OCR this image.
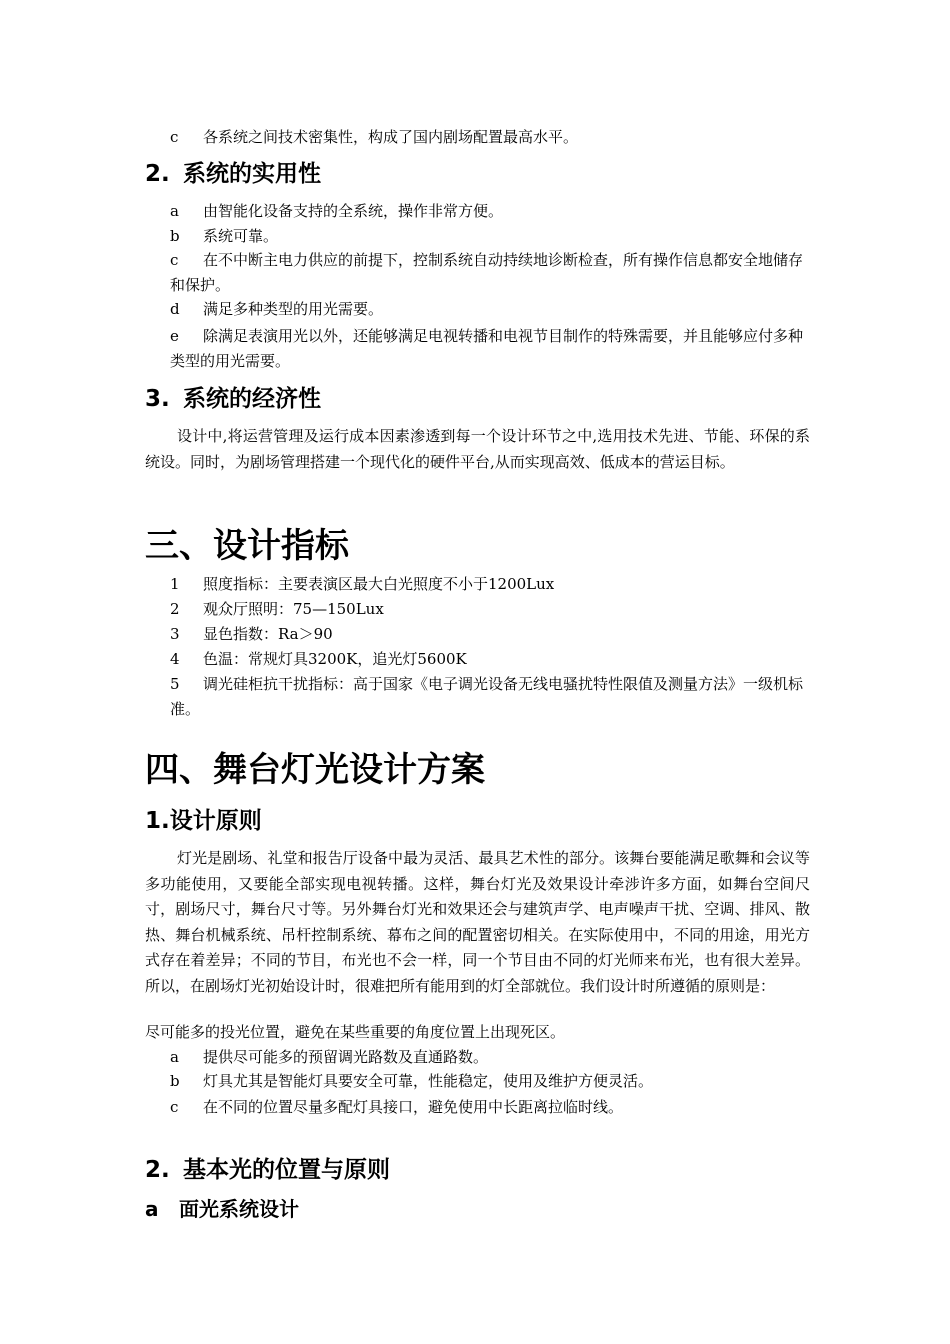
c 各系统之间技术密集性，构成了国内剧场配置最高水平。
2. 系统的实用性
a 由智能化设备支持的全系统，操作非常方便。
b 系统可靠。
c 在不中断主电力供应的前提下，控制系统自动持续地诊断检查，所有操作信息都安全地储存和保护。
d 满足多种类型的用光需要。
e 除满足表演用光以外，还能够满足电视转播和电视节目制作的特殊需要，并且能够应付多种类型的用光需要。
3. 系统的经济性
设计中,将运营管理及运行成本因素渗透到每一个设计环节之中,选用技术先进、节能、环保的系统设。同时，为剧场管理搭建一个现代化的硬件平台,从而实现高效、低成本的营运目标。
三、设计指标
1 照度指标：主要表演区最大白光照度不小于1200Lux
2 观众厅照明：75—150Lux
3 显色指数：Ra＞90
4 色温：常规灯具3200K，追光灯5600K
5 调光硅柜抗干扰指标：高于国家《电子调光设备无线电骚扰特性限值及测量方法》一级机标准。
四、舞台灯光设计方案
1.设计原则
灯光是剧场、礼堂和报告厅设备中最为灵活、最具艺术性的部分。该舞台要能满足歌舞和会议等多功能使用，又要能全部实现电视转播。这样，舞台灯光及效果设计牵涉许多方面，如舞台空间尺寸，剧场尺寸，舞台尺寸等。另外舞台灯光和效果还会与建筑声学、电声噪声干扰、空调、排风、散热、舞台机械系统、吊杆控制系统、幕布之间的配置密切相关。在实际使用中，不同的用途，用光方式存在着差异；不同的节目，布光也不会一样，同一个节目由不同的灯光师来布光，也有很大差异。所以，在剧场灯光初始设计时，很难把所有能用到的灯全部就位。我们设计时所遵循的原则是：
尽可能多的投光位置，避免在某些重要的角度位置上出现死区。
a 提供尽可能多的预留调光路数及直通路数。
b 灯具尤其是智能灯具要安全可靠，性能稳定，使用及维护方便灵活。
c 在不同的位置尽量多配灯具接口，避免使用中长距离拉临时线。
2. 基本光的位置与原则
a 面光系统设计
